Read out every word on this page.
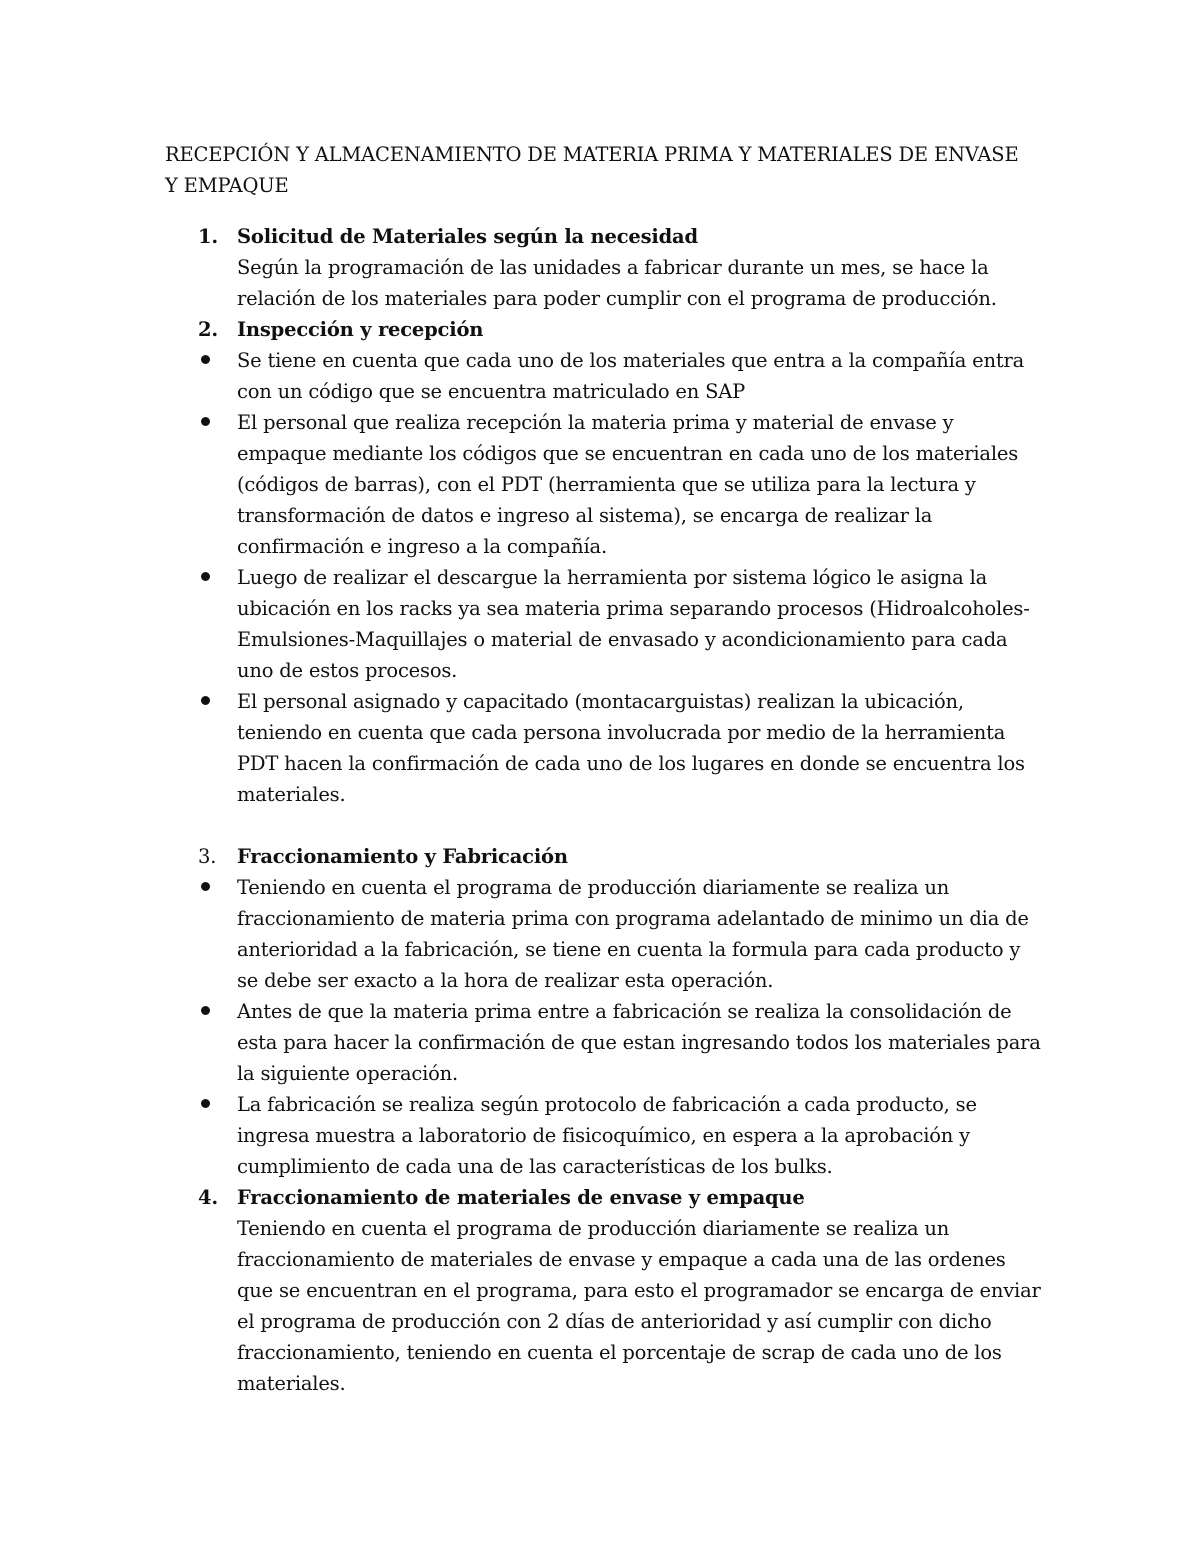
RECEPCIÓN Y ALMACENAMIENTO DE MATERIA PRIMA Y MATERIALES DE ENVASE Y EMPAQUE
1. Solicitud de Materiales según la necesidad

Según la programación de las unidades a fabricar durante un mes, se hace la relación de los materiales para poder cumplir con el programa de producción.

2. Inspección y recepción

Se tiene en cuenta que cada uno de los materiales que entra a la compañía entra con un código que se encuentra matriculado en SAP
El personal que realiza recepción la materia prima y material de envase y empaque mediante los códigos que se encuentran en cada uno de los materiales (códigos de barras), con el PDT (herramienta que se utiliza para la lectura y transformación de datos e ingreso al sistema), se encarga de realizar la confirmación e ingreso a la compañía.
Luego de realizar el descargue la herramienta por sistema lógico le asigna la ubicación en los racks ya sea materia prima separando procesos (Hidroalcoholes-Emulsiones-Maquillajes o material de envasado y acondicionamiento para cada uno de estos procesos.
El personal asignado y capacitado (montacarguistas) realizan la ubicación, teniendo en cuenta que cada persona involucrada por medio de la herramienta PDT hacen la confirmación de cada uno de los lugares en donde se encuentra los materiales.
3. Fraccionamiento y Fabricación

Teniendo en cuenta el programa de producción diariamente se realiza un fraccionamiento de materia prima con programa adelantado de minimo un dia de anterioridad a la fabricación, se tiene en cuenta la formula para cada producto y se debe ser exacto a la hora de realizar esta operación.
Antes de que la materia prima entre a fabricación se realiza la consolidación de esta para hacer la confirmación de que estan ingresando todos los materiales para la siguiente operación.
La fabricación se realiza según protocolo de fabricación a cada producto, se ingresa muestra a laboratorio de fisicoquímico, en espera a la aprobación y cumplimiento de cada una de las características de los bulks.
4. Fraccionamiento de materiales de envase y empaque

Teniendo en cuenta el programa de producción diariamente se realiza un fraccionamiento de materiales de envase y empaque a cada una de las ordenes que se encuentran en el programa, para esto el programador se encarga de enviar el programa de producción con 2 días de anterioridad y así cumplir con dicho fraccionamiento, teniendo en cuenta el porcentaje de scrap de cada uno de los materiales.
